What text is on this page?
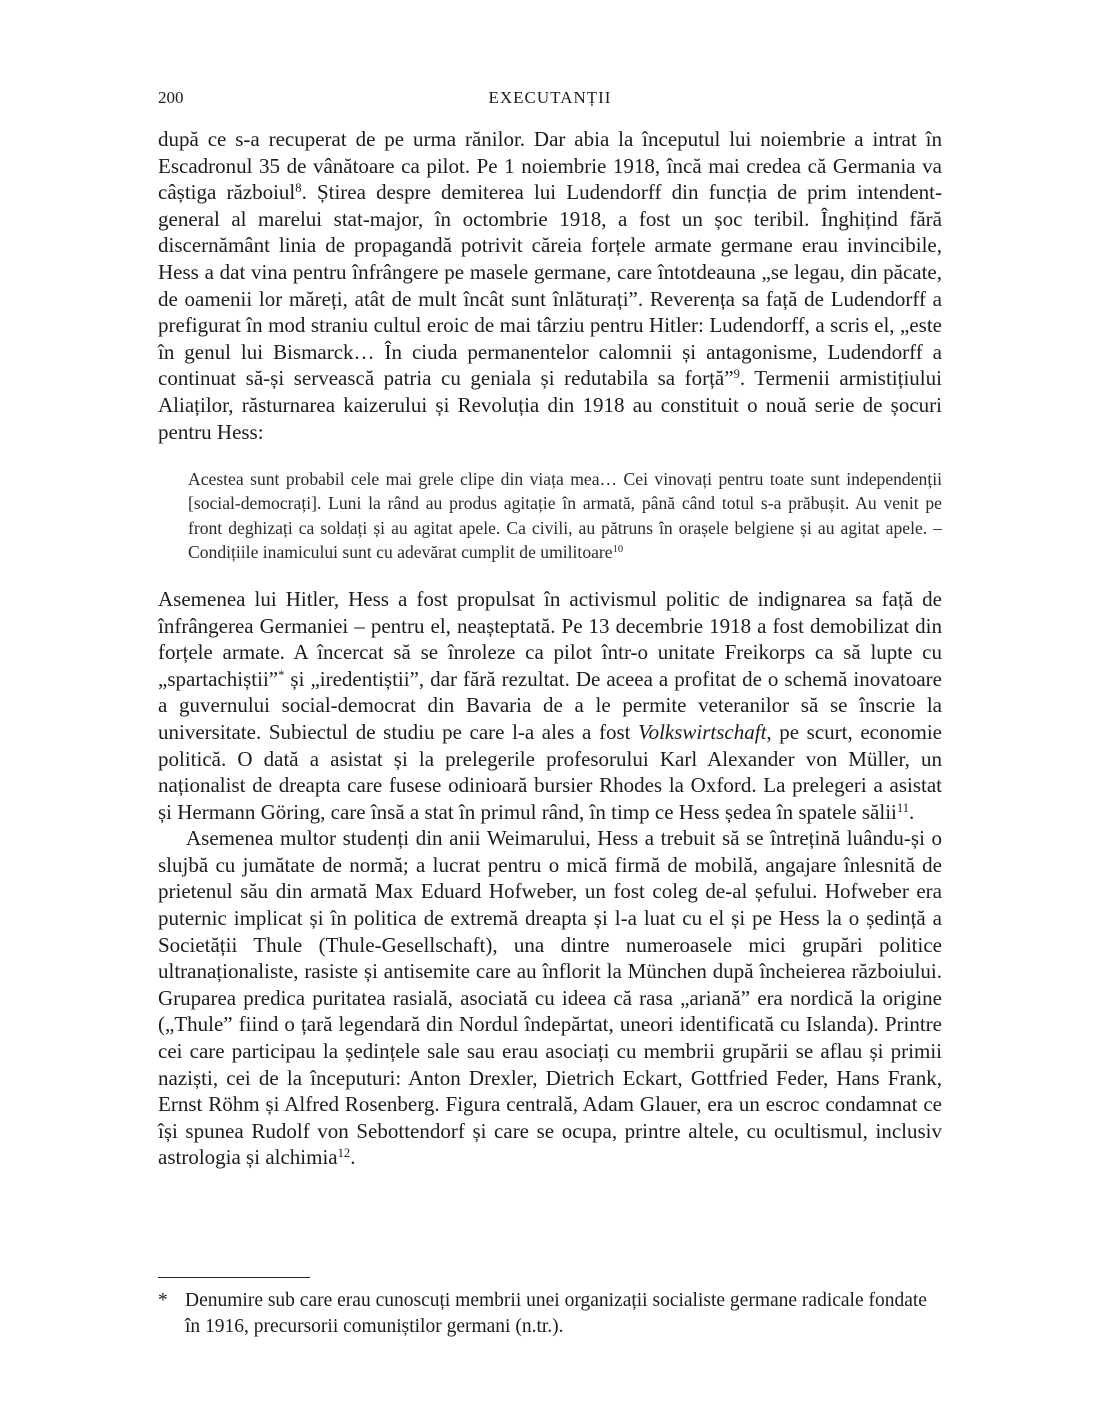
200	EXECUTANȚII

după ce s-a recuperat de pe urma rănilor. Dar abia la începutul lui noiembrie a intrat în Escadronul 35 de vânătoare ca pilot. Pe 1 noiembrie 1918, încă mai credea că Germania va câștiga războiul$^8$. Știrea despre demiterea lui Ludendorff din funcția de prim intendent-general al marelui stat-major, în octombrie 1918, a fost un șoc teribil. Înghițind fără discernământ linia de propagandă potrivit căreia forțele armate germane erau invincibile, Hess a dat vina pentru înfrângere pe masele germane, care întotdeauna „se legau, din păcate, de oamenii lor măreți, atât de mult încât sunt înlăturați”. Reverența sa față de Ludendorff a prefigurat în mod straniu cultul eroic de mai târziu pentru Hitler: Ludendorff, a scris el, „este în genul lui Bismarck… În ciuda permanentelor calomnii și antagonisme, Ludendorff a continuat să-și servească patria cu geniala și redutabila sa forță”$^9$. Termenii armistițiului Aliaților, răsturnarea kaizerului și Revoluția din 1918 au constituit o nouă serie de șocuri pentru Hess:

Acestea sunt probabil cele mai grele clipe din viața mea… Cei vinovați pentru toate sunt independenții [social-democrați]. Luni la rând au produs agitație în armată, până când totul s-a prăbușit. Au venit pe front deghizați ca soldați și au agitat apele. Ca civili, au pătruns în orașele belgiene și au agitat apele. – Condițiile inamicului sunt cu adevărat cumplit de umilitoare$^{10}$

Asemenea lui Hitler, Hess a fost propulsat în activismul politic de indignarea sa față de înfrângerea Germaniei – pentru el, neașteptată. Pe 13 decembrie 1918 a fost demobilizat din forțele armate. A încercat să se înroleze ca pilot într-o unitate Freikorps ca să lupte cu „spartachiștii”* și „iredentiștii”, dar fără rezultat. De aceea a profitat de o schemă inovatoare a guvernului social-democrat din Bavaria de a le permite veteranilor să se înscrie la universitate. Subiectul de studiu pe care l-a ales a fost Volkswirtschaft, pe scurt, economie politică. O dată a asistat și la prelegerile profesorului Karl Alexander von Müller, un naționalist de dreapta care fusese odinioară bursier Rhodes la Oxford. La prelegeri a asistat și Hermann Göring, care însă a stat în primul rând, în timp ce Hess ședea în spatele sălii$^{11}$.

Asemenea multor studenți din anii Weimarului, Hess a trebuit să se întrețină luându-și o slujbă cu jumătate de normă; a lucrat pentru o mică firmă de mobilă, angajare înlesnită de prietenul său din armată Max Eduard Hofweber, un fost coleg de-al șefului. Hofweber era puternic implicat și în politica de extremă dreapta și l-a luat cu el și pe Hess la o ședință a Societății Thule (Thule-Gesellschaft), una dintre numeroasele mici grupări politice ultranaționaliste, rasiste și antisemite care au înflorit la München după încheierea războiului. Gruparea predica puritatea rasială, asociată cu ideea că rasa „ariană” era nordică la origine („Thule” fiind o țară legendară din Nordul îndepărtat, uneori identificată cu Islanda). Printre cei care participau la ședințele sale sau erau asociați cu membrii grupării se aflau și primii naziști, cei de la începuturi: Anton Drexler, Dietrich Eckart, Gottfried Feder, Hans Frank, Ernst Röhm și Alfred Rosenberg. Figura centrală, Adam Glauer, era un escroc condamnat ce își spunea Rudolf von Sebottendorf și care se ocupa, printre altele, cu ocultismul, inclusiv astrologia și alchimia$^{12}$.

* Denumire sub care erau cunoscuți membrii unei organizații socialiste germane radicale fondate în 1916, precursorii comuniștilor germani (n.tr.).
